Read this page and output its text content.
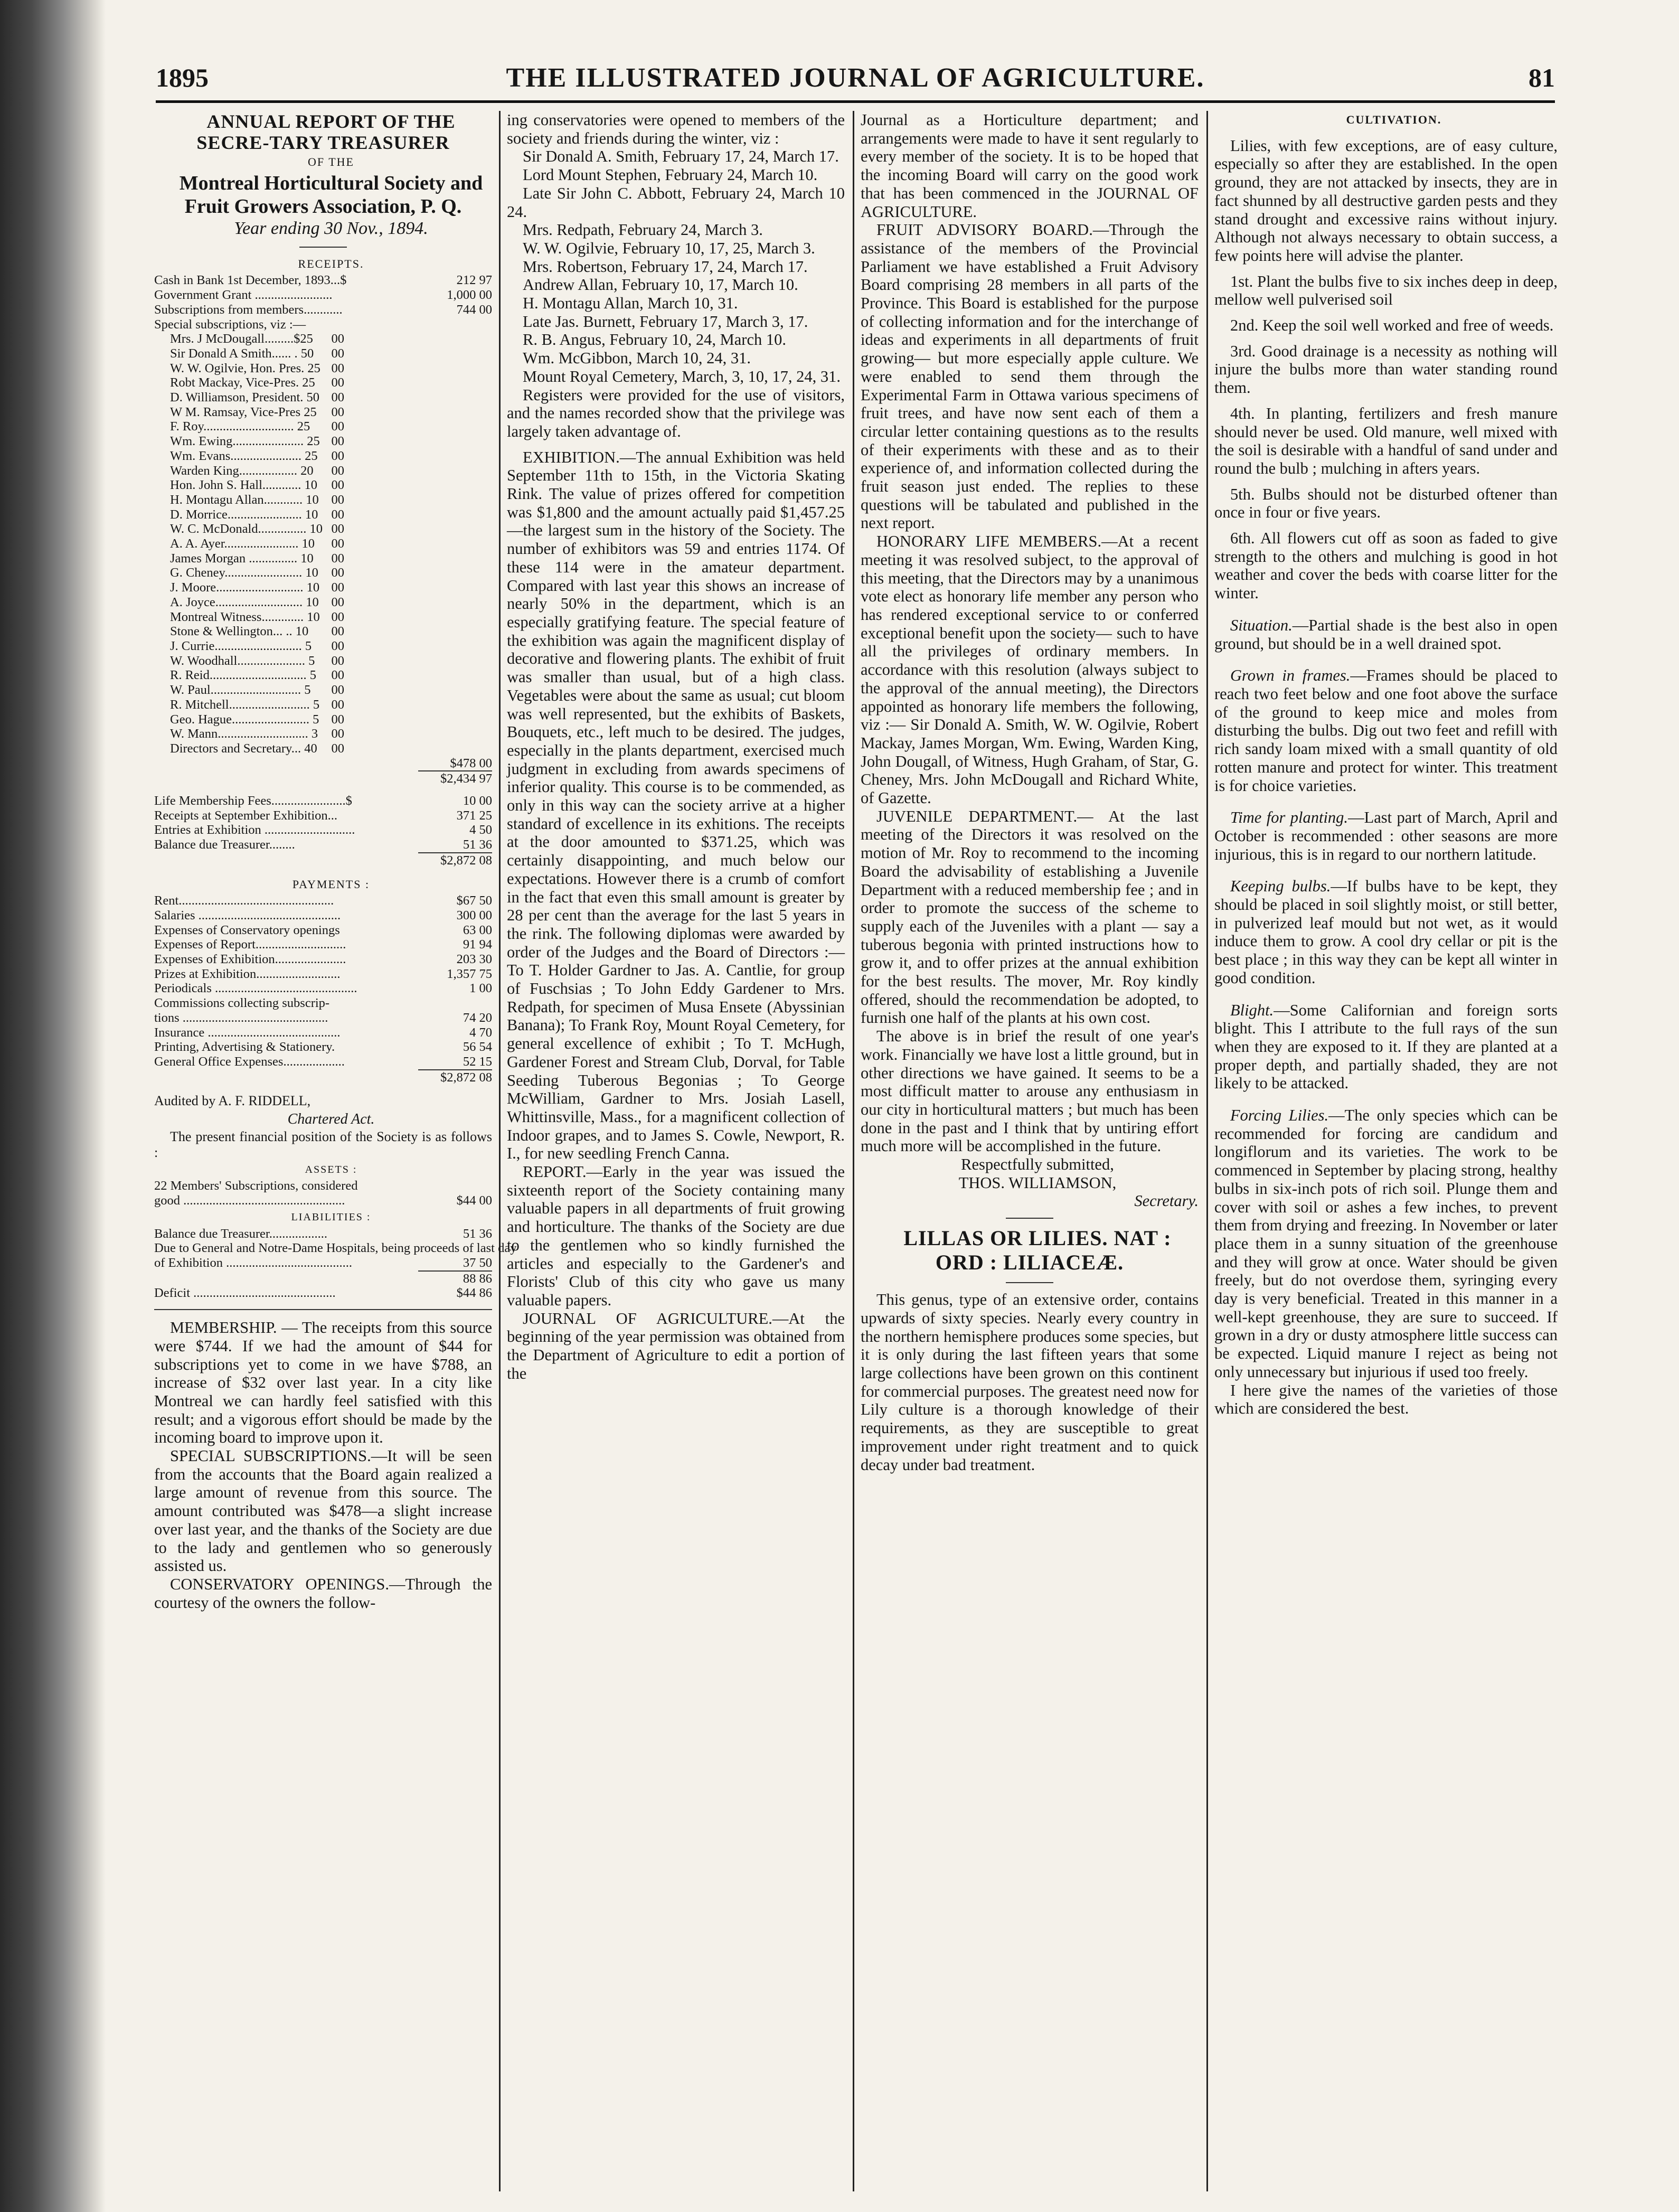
1895	THE ILLUSTRATED JOURNAL OF AGRICULTURE.	81

ANNUAL REPORT OF THE SECRE-TARY TREASURER

OF THE

Montreal Horticultural Society and Fruit Growers Association, P. Q.

Year ending 30 Nov., 1894.

RECEIPTS.

Cash in Bank 1st December, 1893...$	212 97
Government Grant ........................	1,000 00
Subscriptions from members............	744 00
Special subscriptions, viz :—
Mrs. J McDougall.........$25 00
Sir Donald A Smith...... . 50 00
W. W. Ogilvie, Hon. Pres. 25 00
Robt Mackay, Vice-Pres. 25 00
D. Williamson, President. 50 00
W M. Ramsay, Vice-Pres 25 00
F. Roy............................ 25 00
Wm. Ewing...................... 25 00
Wm. Evans...................... 25 00
Warden King.................. 20 00
Hon. John S. Hall............ 10 00
H. Montagu Allan............ 10 00
D. Morrice....................... 10 00
W. C. McDonald............... 10 00
A. A. Ayer....................... 10 00
James Morgan ............... 10 00
G. Cheney........................ 10 00
J. Moore........................... 10 00
A. Joyce........................... 10 00
Montreal Witness............. 10 00
Stone & Wellington... .. 10 00
J. Currie........................... 5 00
W. Woodhall..................... 5 00
R. Reid.............................. 5 00
W. Paul............................ 5 00
R. Mitchell......................... 5 00
Geo. Hague........................ 5 00
W. Mann............................ 3 00
Directors and Secretary... 40 00
$478 00
$2,434 97
Life Membership Fees.......................$	10 00
Receipts at September Exhibition...	371 25
Entries at Exhibition ............................	4 50
Balance due Treasurer........	51 36
$2,872 08

PAYMENTS :

Rent................................................	$67 50
Salaries ............................................	300 00
Expenses of Conservatory openings	63 00
Expenses of Report............................	91 94
Expenses of Exhibition......................	203 30
Prizes at Exhibition..........................	1,357 75
Periodicals ............................................	1 00
Commissions collecting subscrip-
tions .............................................	74 20
Insurance .........................................	4 70
Printing, Advertising & Stationery.	56 54
General Office Expenses...................	52 15
$2,872 08

Audited by A. F. RIDDELL,

Chartered Act.

The present financial position of the Society is as follows :

ASSETS :

22 Members' Subscriptions, considered
good ..................................................	$44 00

LIABILITIES :

Balance due Treasurer..................	51 36
Due to General and Notre-Dame Hospitals, being proceeds of last day
of Exhibition .......................................	37 50
88 86
Deficit ............................................	$44 86

MEMBERSHIP. — The receipts from this source were $744. If we had the amount of $44 for subscriptions yet to come in we have $788, an increase of $32 over last year. In a city like Montreal we can hardly feel satisfied with this result; and a vigorous effort should be made by the incoming board to improve upon it.

SPECIAL SUBSCRIPTIONS.—It will be seen from the accounts that the Board again realized a large amount of revenue from this source. The amount contributed was $478—a slight increase over last year, and the thanks of the Society are due to the lady and gentlemen who so generously assisted us.

CONSERVATORY OPENINGS.—Through the courtesy of the owners the follow-

ing conservatories were opened to members of the society and friends during the winter, viz :

Sir Donald A. Smith, February 17, 24, March 17.

Lord Mount Stephen, February 24, March 10.

Late Sir John C. Abbott, February 24, March 10 24.

Mrs. Redpath, February 24, March 3.

W. W. Ogilvie, February 10, 17, 25, March 3.

Mrs. Robertson, February 17, 24, March 17.

Andrew Allan, February 10, 17, March 10.

H. Montagu Allan, March 10, 31.

Late Jas. Burnett, February 17, March 3, 17.

R. B. Angus, February 10, 24, March 10.

Wm. McGibbon, March 10, 24, 31.

Mount Royal Cemetery, March, 3, 10, 17, 24, 31.

Registers were provided for the use of visitors, and the names recorded show that the privilege was largely taken advantage of.

EXHIBITION.—The annual Exhibition was held September 11th to 15th, in the Victoria Skating Rink. The value of prizes offered for competition was $1,800 and the amount actually paid $1,457.25—the largest sum in the history of the Society. The number of exhibitors was 59 and entries 1174. Of these 114 were in the amateur department. Compared with last year this shows an increase of nearly 50% in the department, which is an especially gratifying feature. The special feature of the exhibition was again the magnificent display of decorative and flowering plants. The exhibit of fruit was smaller than usual, but of a high class. Vegetables were about the same as usual; cut bloom was well represented, but the exhibits of Baskets, Bouquets, etc., left much to be desired. The judges, especially in the plants department, exercised much judgment in excluding from awards specimens of inferior quality. This course is to be commended, as only in this way can the society arrive at a higher standard of excellence in its exhitions. The receipts at the door amounted to $371.25, which was certainly disappointing, and much below our expectations. However there is a crumb of comfort in the fact that even this small amount is greater by 28 per cent than the average for the last 5 years in the rink. The following diplomas were awarded by order of the Judges and the Board of Directors :— To T. Holder Gardner to Jas. A. Cantlie, for group of Fuschsias ; To John Eddy Gardener to Mrs. Redpath, for specimen of Musa Ensete (Abyssinian Banana); To Frank Roy, Mount Royal Cemetery, for general excellence of exhibit ; To T. McHugh, Gardener Forest and Stream Club, Dorval, for Table Seeding Tuberous Begonias ; To George McWilliam, Gardner to Mrs. Josiah Lasell, Whittinsville, Mass., for a magnificent collection of Indoor grapes, and to James S. Cowle, Newport, R. I., for new seedling French Canna.

REPORT.—Early in the year was issued the sixteenth report of the Society containing many valuable papers in all departments of fruit growing and horticulture. The thanks of the Society are due to the gentlemen who so kindly furnished the articles and especially to the Gardener's and Florists' Club of this city who gave us many valuable papers.

JOURNAL OF AGRICULTURE.—At the beginning of the year permission was obtained from the Department of Agriculture to edit a portion of the

Journal as a Horticulture department; and arrangements were made to have it sent regularly to every member of the society. It is to be hoped that the incoming Board will carry on the good work that has been commenced in the JOURNAL OF AGRICULTURE.

FRUIT ADVISORY BOARD.—Through the assistance of the members of the Provincial Parliament we have established a Fruit Advisory Board comprising 28 members in all parts of the Province. This Board is established for the purpose of collecting information and for the interchange of ideas and experiments in all departments of fruit growing— but more especially apple culture. We were enabled to send them through the Experimental Farm in Ottawa various specimens of fruit trees, and have now sent each of them a circular letter containing questions as to the results of their experiments with these and as to their experience of, and information collected during the fruit season just ended. The replies to these questions will be tabulated and published in the next report.

HONORARY LIFE MEMBERS.—At a recent meeting it was resolved subject, to the approval of this meeting, that the Directors may by a unanimous vote elect as honorary life member any person who has rendered exceptional service to or conferred exceptional benefit upon the society— such to have all the privileges of ordinary members. In accordance with this resolution (always subject to the approval of the annual meeting), the Directors appointed as honorary life members the following, viz :— Sir Donald A. Smith, W. W. Ogilvie, Robert Mackay, James Morgan, Wm. Ewing, Warden King, John Dougall, of Witness, Hugh Graham, of Star, G. Cheney, Mrs. John McDougall and Richard White, of Gazette.

JUVENILE DEPARTMENT.— At the last meeting of the Directors it was resolved on the motion of Mr. Roy to recommend to the incoming Board the advisability of establishing a Juvenile Department with a reduced membership fee ; and in order to promote the success of the scheme to supply each of the Juveniles with a plant — say a tuberous begonia with printed instructions how to grow it, and to offer prizes at the annual exhibition for the best results. The mover, Mr. Roy kindly offered, should the recommendation be adopted, to furnish one half of the plants at his own cost.

The above is in brief the result of one year's work. Financially we have lost a little ground, but in other directions we have gained. It seems to be a most difficult matter to arouse any enthusiasm in our city in horticultural matters ; but much has been done in the past and I think that by untiring effort much more will be accomplished in the future.

Respectfully submitted,

THOS. WILLIAMSON,

Secretary.

LILLAS OR LILIES. NAT : ORD : LILIACEÆ.

This genus, type of an extensive order, contains upwards of sixty species. Nearly every country in the northern hemisphere produces some species, but it is only during the last fifteen years that some large collections have been grown on this continent for commercial purposes. The greatest need now for Lily culture is a thorough knowledge of their requirements, as they are susceptible to great improvement under right treatment and to quick decay under bad treatment.

CULTIVATION.

Lilies, with few exceptions, are of easy culture, especially so after they are established. In the open ground, they are not attacked by insects, they are in fact shunned by all destructive garden pests and they stand drought and excessive rains without injury. Although not always necessary to obtain success, a few points here will advise the planter.

1st. Plant the bulbs five to six inches deep in deep, mellow well pulverised soil

2nd. Keep the soil well worked and free of weeds.

3rd. Good drainage is a necessity as nothing will injure the bulbs more than water standing round them.

4th. In planting, fertilizers and fresh manure should never be used. Old manure, well mixed with the soil is desirable with a handful of sand under and round the bulb ; mulching in afters years.

5th. Bulbs should not be disturbed oftener than once in four or five years.

6th. All flowers cut off as soon as faded to give strength to the others and mulching is good in hot weather and cover the beds with coarse litter for the winter.

Situation.—Partial shade is the best also in open ground, but should be in a well drained spot.

Grown in frames.—Frames should be placed to reach two feet below and one foot above the surface of the ground to keep mice and moles from disturbing the bulbs. Dig out two feet and refill with rich sandy loam mixed with a small quantity of old rotten manure and protect for winter. This treatment is for choice varieties.

Time for planting.—Last part of March, April and October is recommended : other seasons are more injurious, this is in regard to our northern latitude.

Keeping bulbs.—If bulbs have to be kept, they should be placed in soil slightly moist, or still better, in pulverized leaf mould but not wet, as it would induce them to grow. A cool dry cellar or pit is the best place ; in this way they can be kept all winter in good condition.

Blight.—Some Californian and foreign sorts blight. This I attribute to the full rays of the sun when they are exposed to it. If they are planted at a proper depth, and partially shaded, they are not likely to be attacked.

Forcing Lilies.—The only species which can be recommended for forcing are candidum and longiflorum and its varieties. The work to be commenced in September by placing strong, healthy bulbs in six-inch pots of rich soil. Plunge them and cover with soil or ashes a few inches, to prevent them from drying and freezing. In November or later place them in a sunny situation of the greenhouse and they will grow at once. Water should be given freely, but do not overdose them, syringing every day is very beneficial. Treated in this manner in a well-kept greenhouse, they are sure to succeed. If grown in a dry or dusty atmosphere little success can be expected. Liquid manure I reject as being not only unnecessary but injurious if used too freely.

I here give the names of the varieties of those which are considered the best.
